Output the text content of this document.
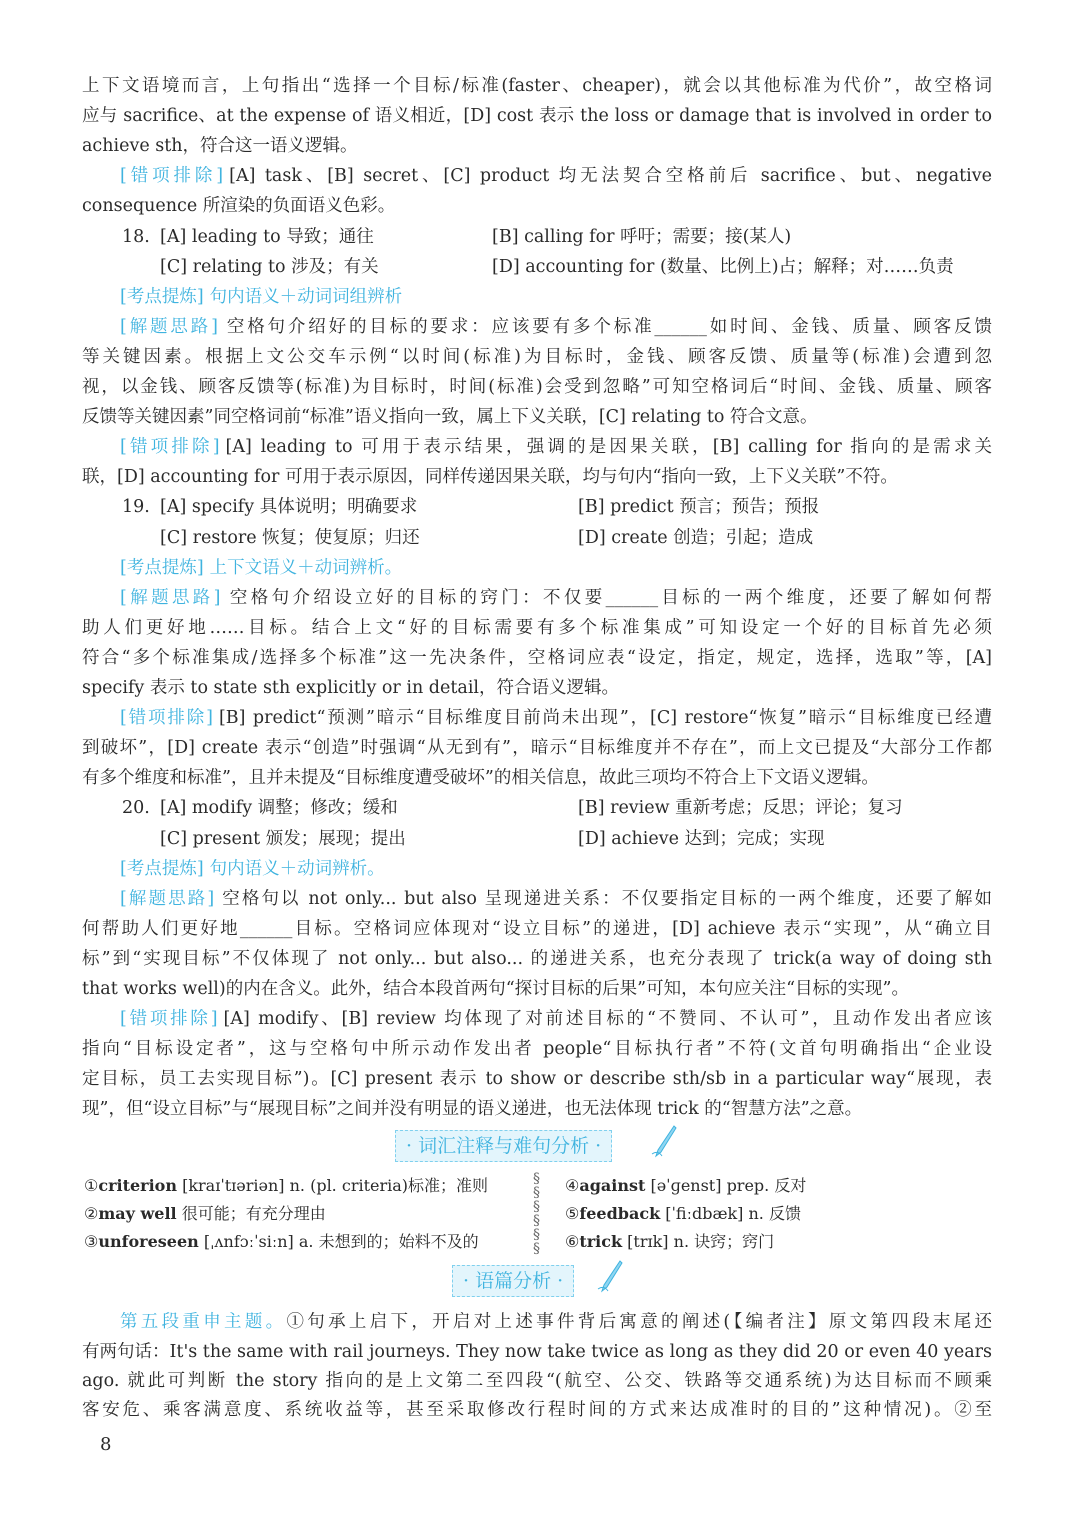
上下文语境而言，上句指出“选择一个目标/标准(faster、cheaper)，就会以其他标准为代价”，故空格词
应与 sacrifice、at the expense of 语义相近，[D] cost 表示 the loss or damage that is involved in order to
achieve sth，符合这一语义逻辑。
[错项排除] [A] task、[B] secret、[C] product 均无法契合空格前后 sacrifice、but、negative
consequence 所渲染的负面语义色彩。
18. [A] leading to 导致；通往	[B] calling for 呼吁；需要；接(某人)
[C] relating to 涉及；有关	[D] accounting for (数量、比例上)占；解释；对……负责
[考点提炼] 句内语义＋动词词组辨析
[解题思路] 空格句介绍好的目标的要求：应该要有多个标准______如时间、金钱、质量、顾客反馈
等关键因素。根据上文公交车示例“以时间(标准)为目标时，金钱、顾客反馈、质量等(标准)会遭到忽
视，以金钱、顾客反馈等(标准)为目标时，时间(标准)会受到忽略”可知空格词后“时间、金钱、质量、顾客
反馈等关键因素”同空格词前“标准”语义指向一致，属上下义关联，[C] relating to 符合文意。
[错项排除] [A] leading to 可用于表示结果，强调的是因果关联，[B] calling for 指向的是需求关
联，[D] accounting for 可用于表示原因，同样传递因果关联，均与句内“指向一致，上下义关联”不符。
19. [A] specify 具体说明；明确要求	[B] predict 预言；预告；预报
[C] restore 恢复；使复原；归还	[D] create 创造；引起；造成
[考点提炼] 上下文语义＋动词辨析。
[解题思路] 空格句介绍设立好的目标的窍门：不仅要______目标的一两个维度，还要了解如何帮
助人们更好地……目标。结合上文“好的目标需要有多个标准集成”可知设定一个好的目标首先必须
符合“多个标准集成/选择多个标准”这一先决条件，空格词应表“设定，指定，规定，选择，选取”等，[A]
specify 表示 to state sth explicitly or in detail，符合语义逻辑。
[错项排除] [B] predict“预测”暗示“目标维度目前尚未出现”，[C] restore“恢复”暗示“目标维度已经遭
到破坏”，[D] create 表示“创造”时强调“从无到有”，暗示“目标维度并不存在”，而上文已提及“大部分工作都
有多个维度和标准”，且并未提及“目标维度遭受破坏”的相关信息，故此三项均不符合上下文语义逻辑。
20. [A] modify 调整；修改；缓和	[B] review 重新考虑；反思；评论；复习
[C] present 颁发；展现；提出	[D] achieve 达到；完成；实现
[考点提炼] 句内语义＋动词辨析。
[解题思路] 空格句以 not only... but also 呈现递进关系：不仅要指定目标的一两个维度，还要了解如
何帮助人们更好地______目标。空格词应体现对“设立目标”的递进，[D] achieve 表示“实现”，从“确立目
标”到“实现目标”不仅体现了 not only... but also... 的递进关系，也充分表现了 trick(a way of doing sth
that works well)的内在含义。此外，结合本段首两句“探讨目标的后果”可知，本句应关注“目标的实现”。
[错项排除] [A] modify、[B] review 均体现了对前述目标的“不赞同、不认可”，且动作发出者应该
指向“目标设定者”，这与空格句中所示动作发出者 people“目标执行者”不符(文首句明确指出“企业设
定目标，员工去实现目标”)。[C] present 表示 to show or describe sth/sb in a particular way“展现，表
现”，但“设立目标”与“展现目标”之间并没有明显的语义递进，也无法体现 trick 的“智慧方法”之意。
· 词汇注释与难句分析 ·
①criterion [kraɪˈtɪəriən] n. (pl. criteria)标准；准则
②may well 很可能；有充分理由
③unforeseen [ˌʌnfɔːˈsiːn] a. 未想到的；始料不及的
§
§
§
§
§
§
④against [əˈɡenst] prep. 反对
⑤feedback [ˈfiːdbæk] n. 反馈
⑥trick [trɪk] n. 诀窍；窍门
· 语篇分析 ·
第五段重申主题。①句承上启下，开启对上述事件背后寓意的阐述(【编者注】原文第四段末尾还
有两句话：It's the same with rail journeys. They now take twice as long as they did 20 or even 40 years
ago. 就此可判断 the story 指向的是上文第二至四段“(航空、公交、铁路等交通系统)为达目标而不顾乘
客安危、乘客满意度、系统收益等，甚至采取修改行程时间的方式来达成准时的目的”这种情况)。②至
8
